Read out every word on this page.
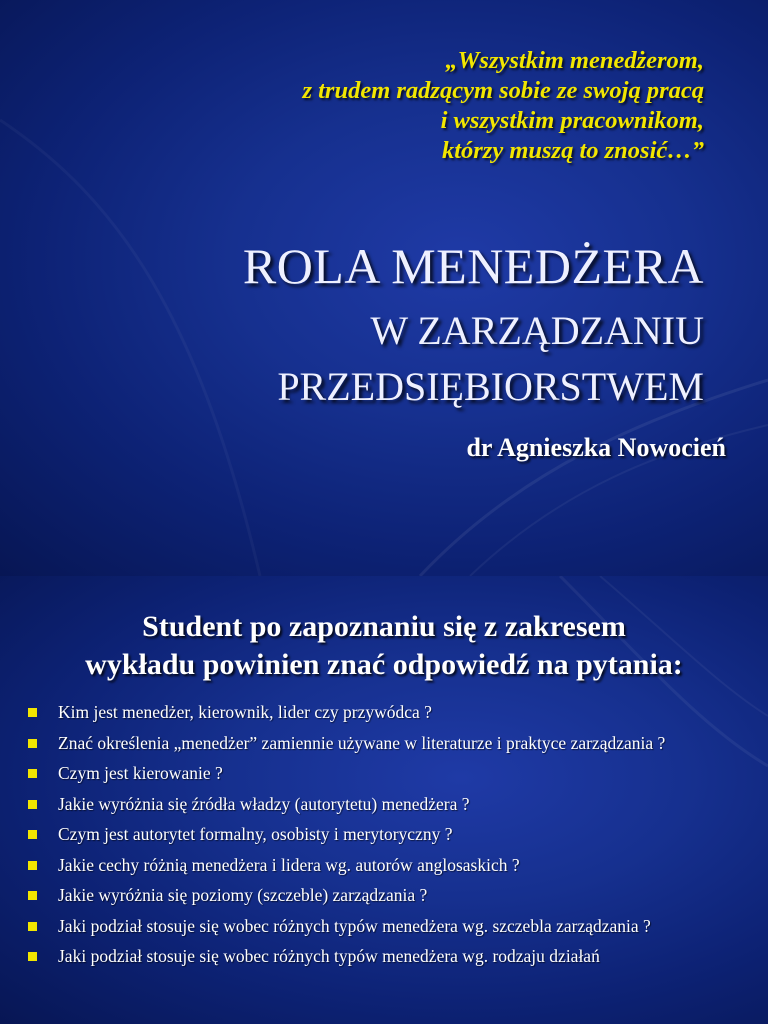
„Wszystkim menedżerom,
z trudem radzącym sobie ze swoją pracą
i wszystkim pracownikom,
którzy muszą to znosić…”
ROLA MENEDŻERA
W ZARZĄDZANIU
PRZEDSIĘBIORSTWEM
dr Agnieszka Nowocień
Student po zapoznaniu się z zakresem
wykładu powinien znać odpowiedź na pytania:
Kim jest menedżer, kierownik, lider czy przywódca ?
Znać określenia „menedżer” zamiennie używane w literaturze i praktyce zarządzania ?
Czym jest kierowanie ?
Jakie wyróżnia się źródła władzy (autorytetu) menedżera ?
Czym jest autorytet formalny, osobisty i merytoryczny ?
Jakie cechy różnią menedżera i lidera wg. autorów anglosaskich ?
Jakie wyróżnia się poziomy (szczeble) zarządzania ?
Jaki podział stosuje się wobec różnych typów menedżera wg. szczebla zarządzania ?
Jaki podział stosuje się wobec różnych typów menedżera wg. rodzaju działań
